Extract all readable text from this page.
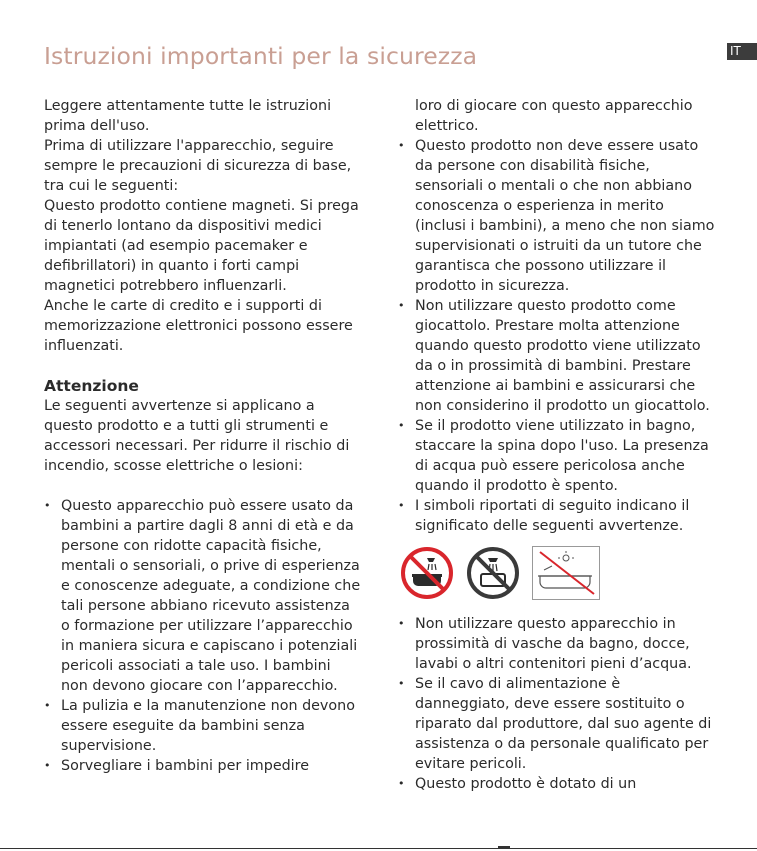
Istruzioni importanti per la sicurezza	IT

Leggere attentamente tutte le istruzioni prima dell'uso.

Prima di utilizzare l'apparecchio, seguire sempre le precauzioni di sicurezza di base, tra cui le seguenti:

Questo prodotto contiene magneti. Si prega di tenerlo lontano da dispositivi medici impiantati (ad esempio pacemaker e defibrillatori) in quanto i forti campi magnetici potrebbero influenzarli.

Anche le carte di credito e i supporti di memorizzazione elettronici possono essere influenzati.

Attenzione

Le seguenti avvertenze si applicano a questo prodotto e a tutti gli strumenti e accessori necessari. Per ridurre il rischio di incendio, scosse elettriche o lesioni:

• Questo apparecchio può essere usato da bambini a partire dagli 8 anni di età e da persone con ridotte capacità fisiche, mentali o sensoriali, o prive di esperienza e conoscenze adeguate, a condizione che tali persone abbiano ricevuto assistenza o formazione per utilizzare l’apparecchio in maniera sicura e capiscano i potenziali pericoli associati a tale uso. I bambini non devono giocare con l’apparecchio.
• La pulizia e la manutenzione non devono essere eseguite da bambini senza supervisione.
• Sorvegliare i bambini per impedire

loro di giocare con questo apparecchio elettrico.

• Questo prodotto non deve essere usato da persone con disabilità fisiche, sensoriali o mentali o che non abbiano conoscenza o esperienza in merito (inclusi i bambini), a meno che non siamo supervisionati o istruiti da un tutore che garantisca che possono utilizzare il prodotto in sicurezza.
• Non utilizzare questo prodotto come giocattolo. Prestare molta attenzione quando questo prodotto viene utilizzato da o in prossimità di bambini. Prestare attenzione ai bambini e assicurarsi che non considerino il prodotto un giocattolo.
• Se il prodotto viene utilizzato in bagno, staccare la spina dopo l'uso. La presenza di acqua può essere pericolosa anche quando il prodotto è spento.
• I simboli riportati di seguito indicano il significato delle seguenti avvertenze.
• Non utilizzare questo apparecchio in prossimità di vasche da bagno, docce, lavabi o altri contenitori pieni d’acqua.
• Se il cavo di alimentazione è danneggiato, deve essere sostituito o riparato dal produttore, dal suo agente di assistenza o da personale qualificato per evitare pericoli.
• Questo prodotto è dotato di un
